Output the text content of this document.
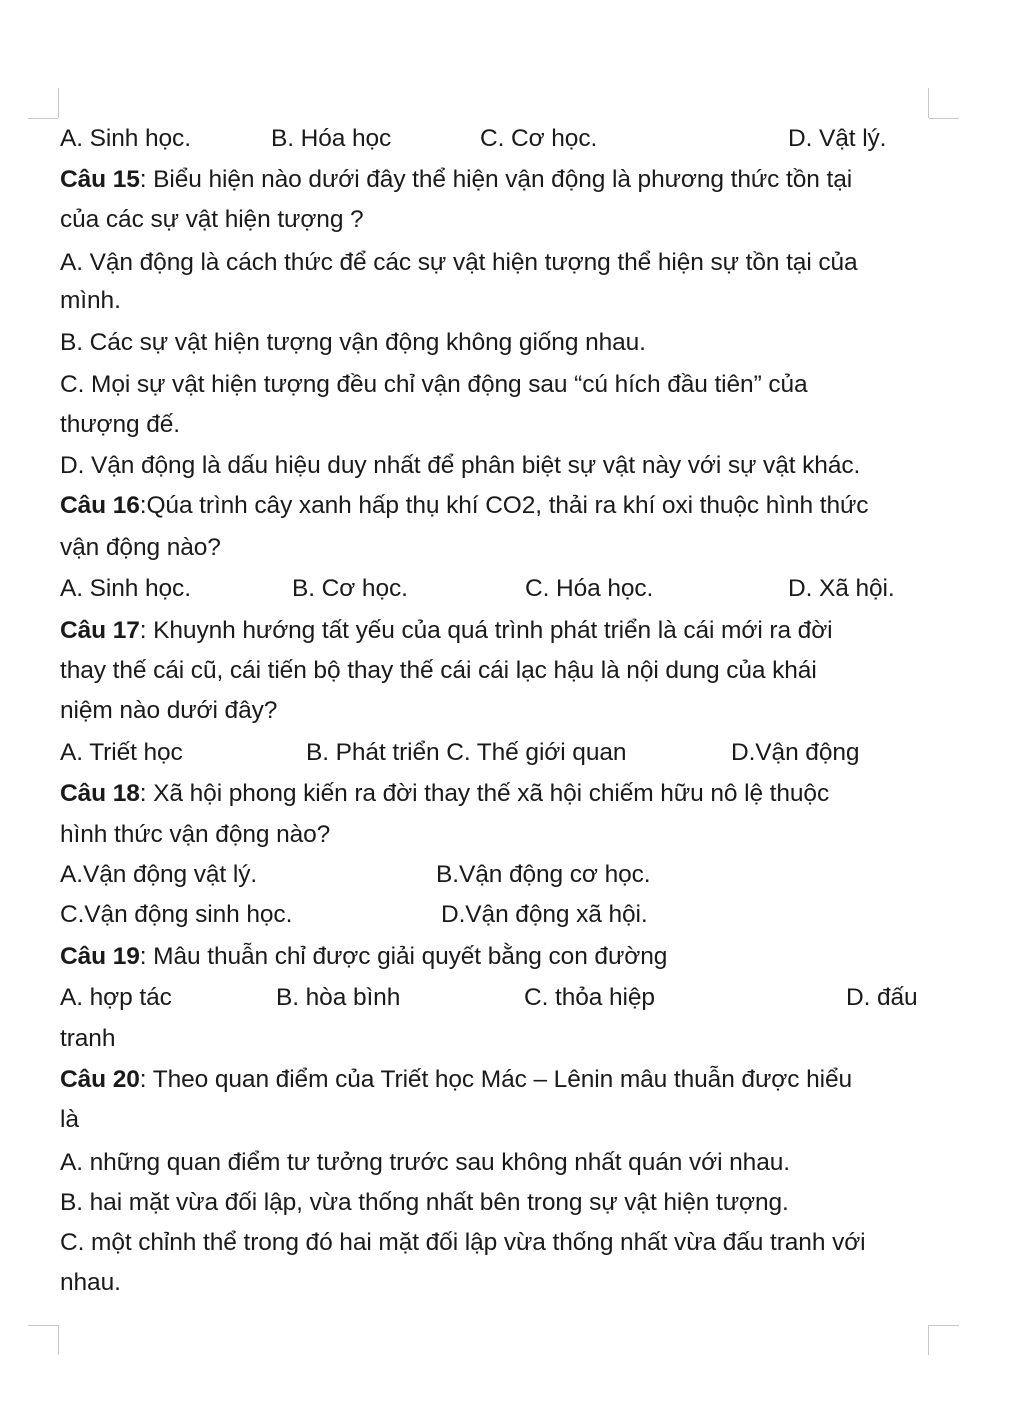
A. Sinh học.	B. Hóa học	C. Cơ học.	D. Vật lý.
Câu 15: Biểu hiện nào dưới đây thể hiện vận động là phương thức tồn tại
của các sự vật hiện tượng ?
A. Vận động là cách thức để các sự vật hiện tượng thể hiện sự tồn tại của
mình.
B. Các sự vật hiện tượng vận động không giống nhau.
C. Mọi sự vật hiện tượng đều chỉ vận động sau “cú hích đầu tiên” của
thượng đế.
D. Vận động là dấu hiệu duy nhất để phân biệt sự vật này với sự vật khác.
Câu 16:Qúa trình cây xanh hấp thụ khí CO2, thải ra khí oxi thuộc hình thức
vận động nào?
A. Sinh học.	B. Cơ học.	C. Hóa học.	D. Xã hội.
Câu 17: Khuynh hướng tất yếu của quá trình phát triển là cái mới ra đời
thay thế cái cũ, cái tiến bộ thay thế cái cái lạc hậu là nội dung của khái
niệm nào dưới đây?
A. Triết học	B. Phát triển C. Thế giới quan	D.Vận động
Câu 18: Xã hội phong kiến ra đời thay thế xã hội chiếm hữu nô lệ thuộc
hình thức vận động nào?
A.Vận động vật lý.	B.Vận động cơ học.
C.Vận động sinh học.	D.Vận động xã hội.
Câu 19: Mâu thuẫn chỉ được giải quyết bằng con đường
A. hợp tác	B. hòa bình	C. thỏa hiệp	D. đấu
tranh
Câu 20: Theo quan điểm của Triết học Mác – Lênin mâu thuẫn được hiểu
là
A. những quan điểm tư tưởng trước sau không nhất quán với nhau.
B. hai mặt vừa đối lập, vừa thống nhất bên trong sự vật hiện tượng.
C. một chỉnh thể trong đó hai mặt đối lập vừa thống nhất vừa đấu tranh với
nhau.
